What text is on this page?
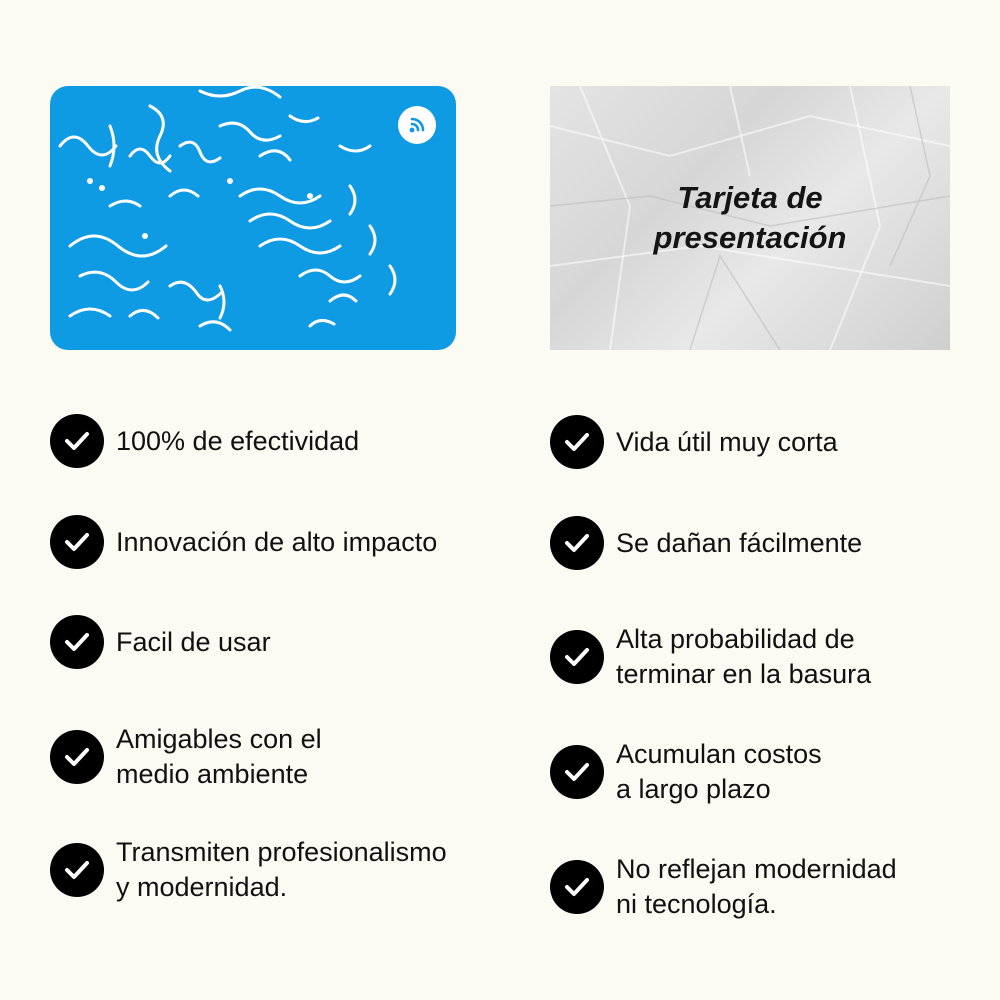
Tarjeta de
presentación
100% de efectividad
Innovación de alto impacto
Facil de usar
Amigables con el
medio ambiente
Transmiten profesionalismo
y modernidad.
Vida útil muy corta
Se dañan fácilmente
Alta probabilidad de
terminar en la basura
Acumulan costos
a largo plazo
No reflejan modernidad
ni tecnología.
